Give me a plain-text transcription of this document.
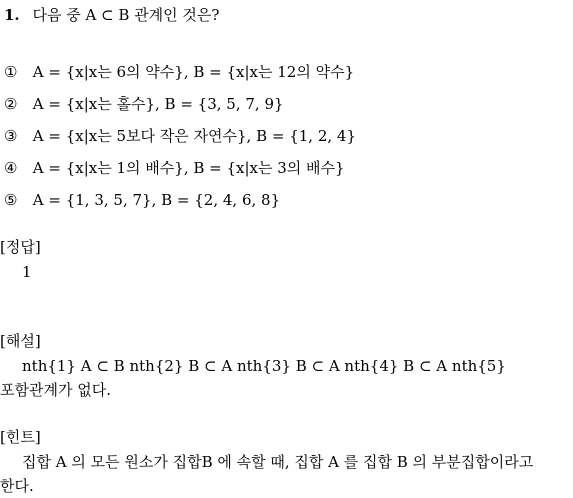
1. 다음 중 A ⊂ B 관계인 것은?
① A = {x|x는 6의 약수}, B = {x|x는 12의 약수}
② A = {x|x는 홀수}, B = {3, 5, 7, 9}
③ A = {x|x는 5보다 작은 자연수}, B = {1, 2, 4}
④ A = {x|x는 1의 배수}, B = {x|x는 3의 배수}
⑤ A = {1, 3, 5, 7}, B = {2, 4, 6, 8}
[정답]
1
[해설]
nth{1} A ⊂ B nth{2} B ⊂ A nth{3} B ⊂ A nth{4} B ⊂ A nth{5} 포함관계가 없다.
[힌트]
집합 A 의 모든 원소가 집합B 에 속할 때, 집합 A 를 집합 B 의 부분집합이라고 한다.
